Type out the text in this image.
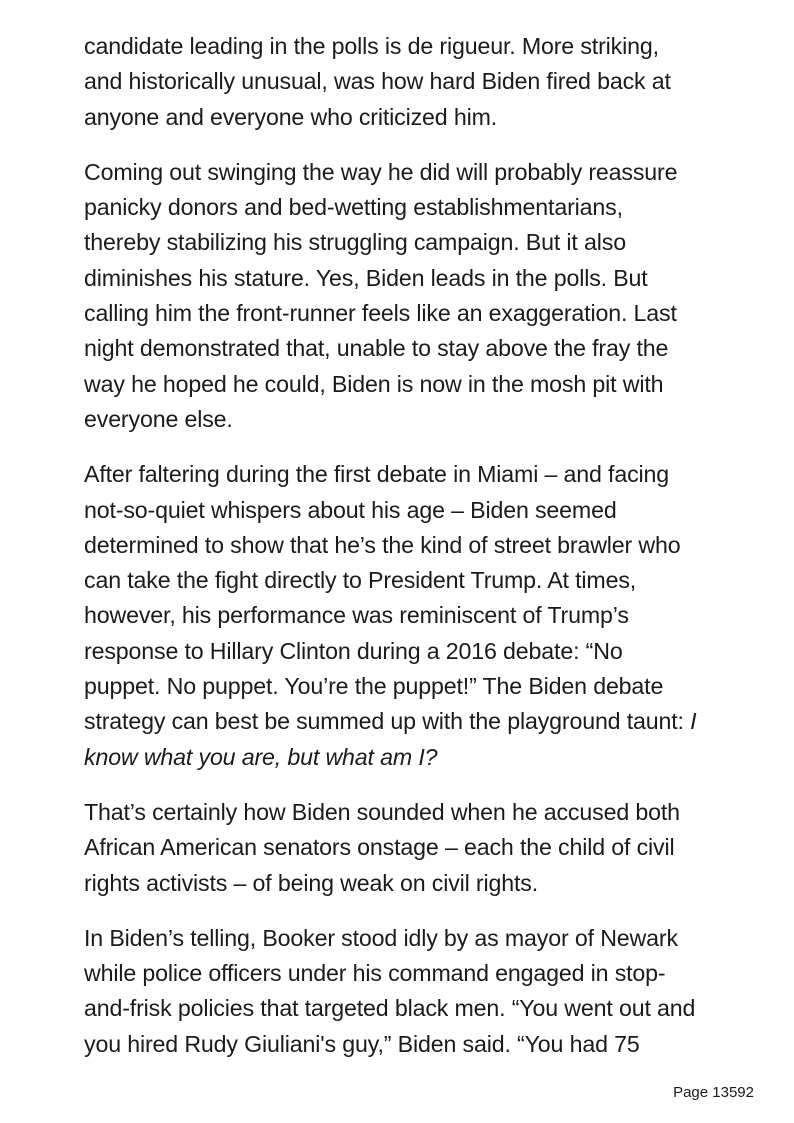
candidate leading in the polls is de rigueur. More striking,
and historically unusual, was how hard Biden fired back at
anyone and everyone who criticized him.

Coming out swinging the way he did will probably reassure
panicky donors and bed-wetting establishmentarians,
thereby stabilizing his struggling campaign. But it also
diminishes his stature. Yes, Biden leads in the polls. But
calling him the front-runner feels like an exaggeration. Last
night demonstrated that, unable to stay above the fray the
way he hoped he could, Biden is now in the mosh pit with
everyone else.

After faltering during the first debate in Miami – and facing
not-so-quiet whispers about his age – Biden seemed
determined to show that he’s the kind of street brawler who
can take the fight directly to President Trump. At times,
however, his performance was reminiscent of Trump’s
response to Hillary Clinton during a 2016 debate: “No
puppet. No puppet. You’re the puppet!” The Biden debate
strategy can best be summed up with the playground taunt: I
know what you are, but what am I?

That’s certainly how Biden sounded when he accused both
African American senators onstage – each the child of civil
rights activists – of being weak on civil rights.

In Biden’s telling, Booker stood idly by as mayor of Newark
while police officers under his command engaged in stop-
and-frisk policies that targeted black men. “You went out and
you hired Rudy Giuliani's guy,” Biden said. “You had 75

Page 13592
